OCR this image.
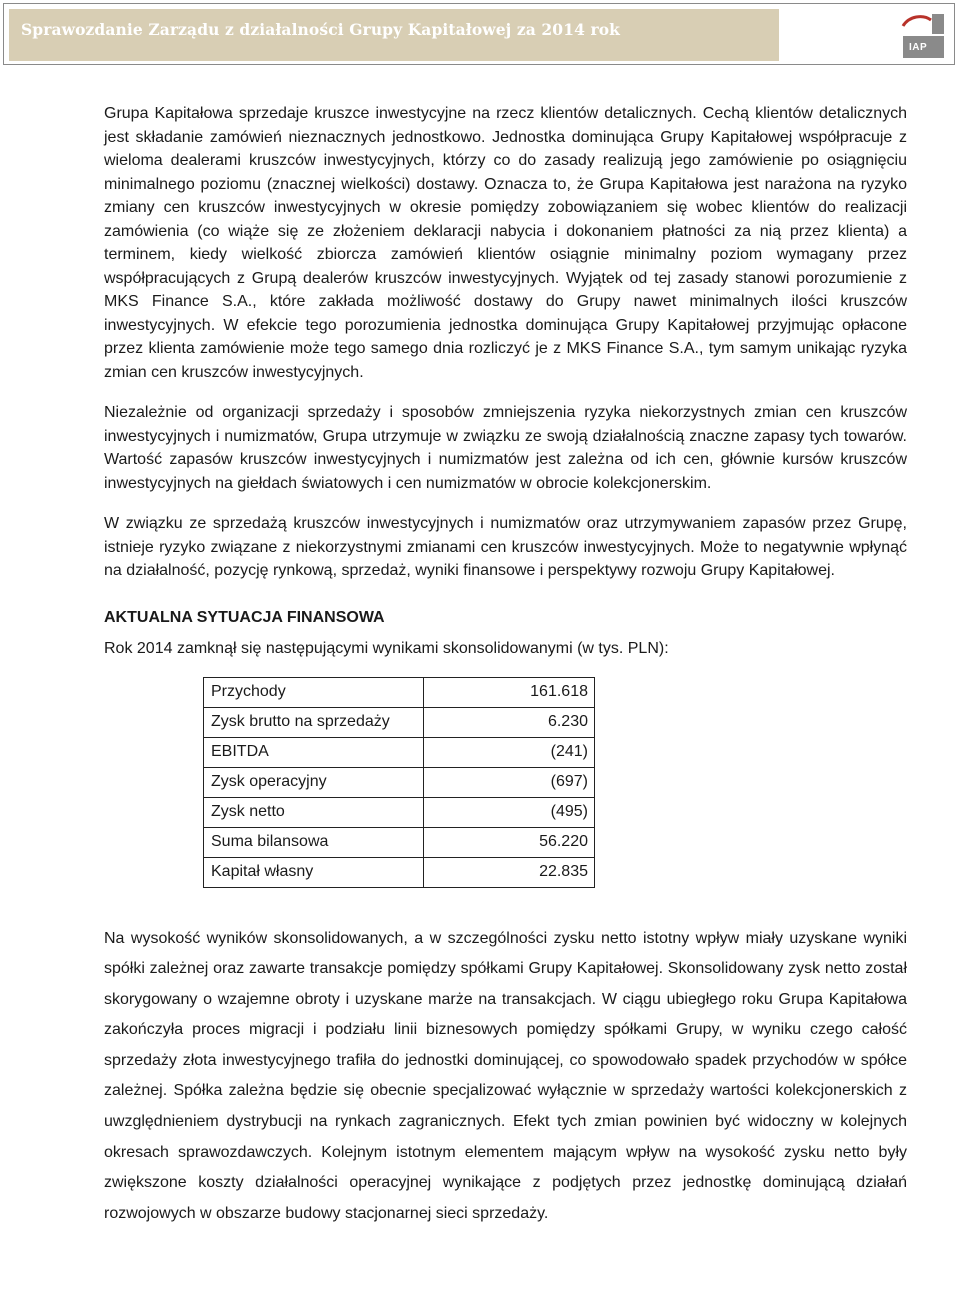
Sprawozdanie Zarządu z działalności Grupy Kapitałowej za 2014 rok
IAP

Grupa Kapitałowa sprzedaje kruszce inwestycyjne na rzecz klientów detalicznych. Cechą klientów detalicznych jest składanie zamówień nieznacznych jednostkowo. Jednostka dominująca Grupy Kapitałowej współpracuje z wieloma dealerami kruszców inwestycyjnych, którzy co do zasady realizują jego zamówienie po osiągnięciu minimalnego poziomu (znacznej wielkości) dostawy. Oznacza to, że Grupa Kapitałowa jest narażona na ryzyko zmiany cen kruszców inwestycyjnych w okresie pomiędzy zobowiązaniem się wobec klientów do realizacji zamówienia (co wiąże się ze złożeniem deklaracji nabycia i dokonaniem płatności za nią przez klienta) a terminem, kiedy wielkość zbiorcza zamówień klientów osiągnie minimalny poziom wymagany przez współpracujących z Grupą dealerów kruszców inwestycyjnych. Wyjątek od tej zasady stanowi porozumienie z MKS Finance S.A., które zakłada możliwość dostawy do Grupy nawet minimalnych ilości kruszców inwestycyjnych. W efekcie tego porozumienia jednostka dominująca Grupy Kapitałowej przyjmując opłacone przez klienta zamówienie może tego samego dnia rozliczyć je z MKS Finance S.A., tym samym unikając ryzyka zmian cen kruszców inwestycyjnych.

Niezależnie od organizacji sprzedaży i sposobów zmniejszenia ryzyka niekorzystnych zmian cen kruszców inwestycyjnych i numizmatów, Grupa utrzymuje w związku ze swoją działalnością znaczne zapasy tych towarów. Wartość zapasów kruszców inwestycyjnych i numizmatów jest zależna od ich cen, głównie kursów kruszców inwestycyjnych na giełdach światowych i cen numizmatów w obrocie kolekcjonerskim.

W związku ze sprzedażą kruszców inwestycyjnych i numizmatów oraz utrzymywaniem zapasów przez Grupę, istnieje ryzyko związane z niekorzystnymi zmianami cen kruszców inwestycyjnych. Może to negatywnie wpłynąć na działalność, pozycję rynkową, sprzedaż, wyniki finansowe i perspektywy rozwoju Grupy Kapitałowej.

AKTUALNA SYTUACJA FINANSOWA

Rok 2014 zamknął się następującymi wynikami skonsolidowanymi (w tys. PLN):

Przychody	161.618
Zysk brutto na sprzedaży	6.230
EBITDA	(241)
Zysk operacyjny	(697)
Zysk netto	(495)
Suma bilansowa	56.220
Kapitał własny	22.835

Na wysokość wyników skonsolidowanych, a w szczególności zysku netto istotny wpływ miały uzyskane wyniki spółki zależnej oraz zawarte transakcje pomiędzy spółkami Grupy Kapitałowej. Skonsolidowany zysk netto został skorygowany o wzajemne obroty i uzyskane marże na transakcjach. W ciągu ubiegłego roku Grupa Kapitałowa zakończyła proces migracji i podziału linii biznesowych pomiędzy spółkami Grupy, w wyniku czego całość sprzedaży złota inwestycyjnego trafiła do jednostki dominującej, co spowodowało spadek przychodów w spółce zależnej. Spółka zależna będzie się obecnie specjalizować wyłącznie w sprzedaży wartości kolekcjonerskich z uwzględnieniem dystrybucji na rynkach zagranicznych. Efekt tych zmian powinien być widoczny w kolejnych okresach sprawozdawczych. Kolejnym istotnym elementem mającym wpływ na wysokość zysku netto były zwiększone koszty działalności operacyjnej wynikające z podjętych przez jednostkę dominującą działań rozwojowych w obszarze budowy stacjonarnej sieci sprzedaży.
